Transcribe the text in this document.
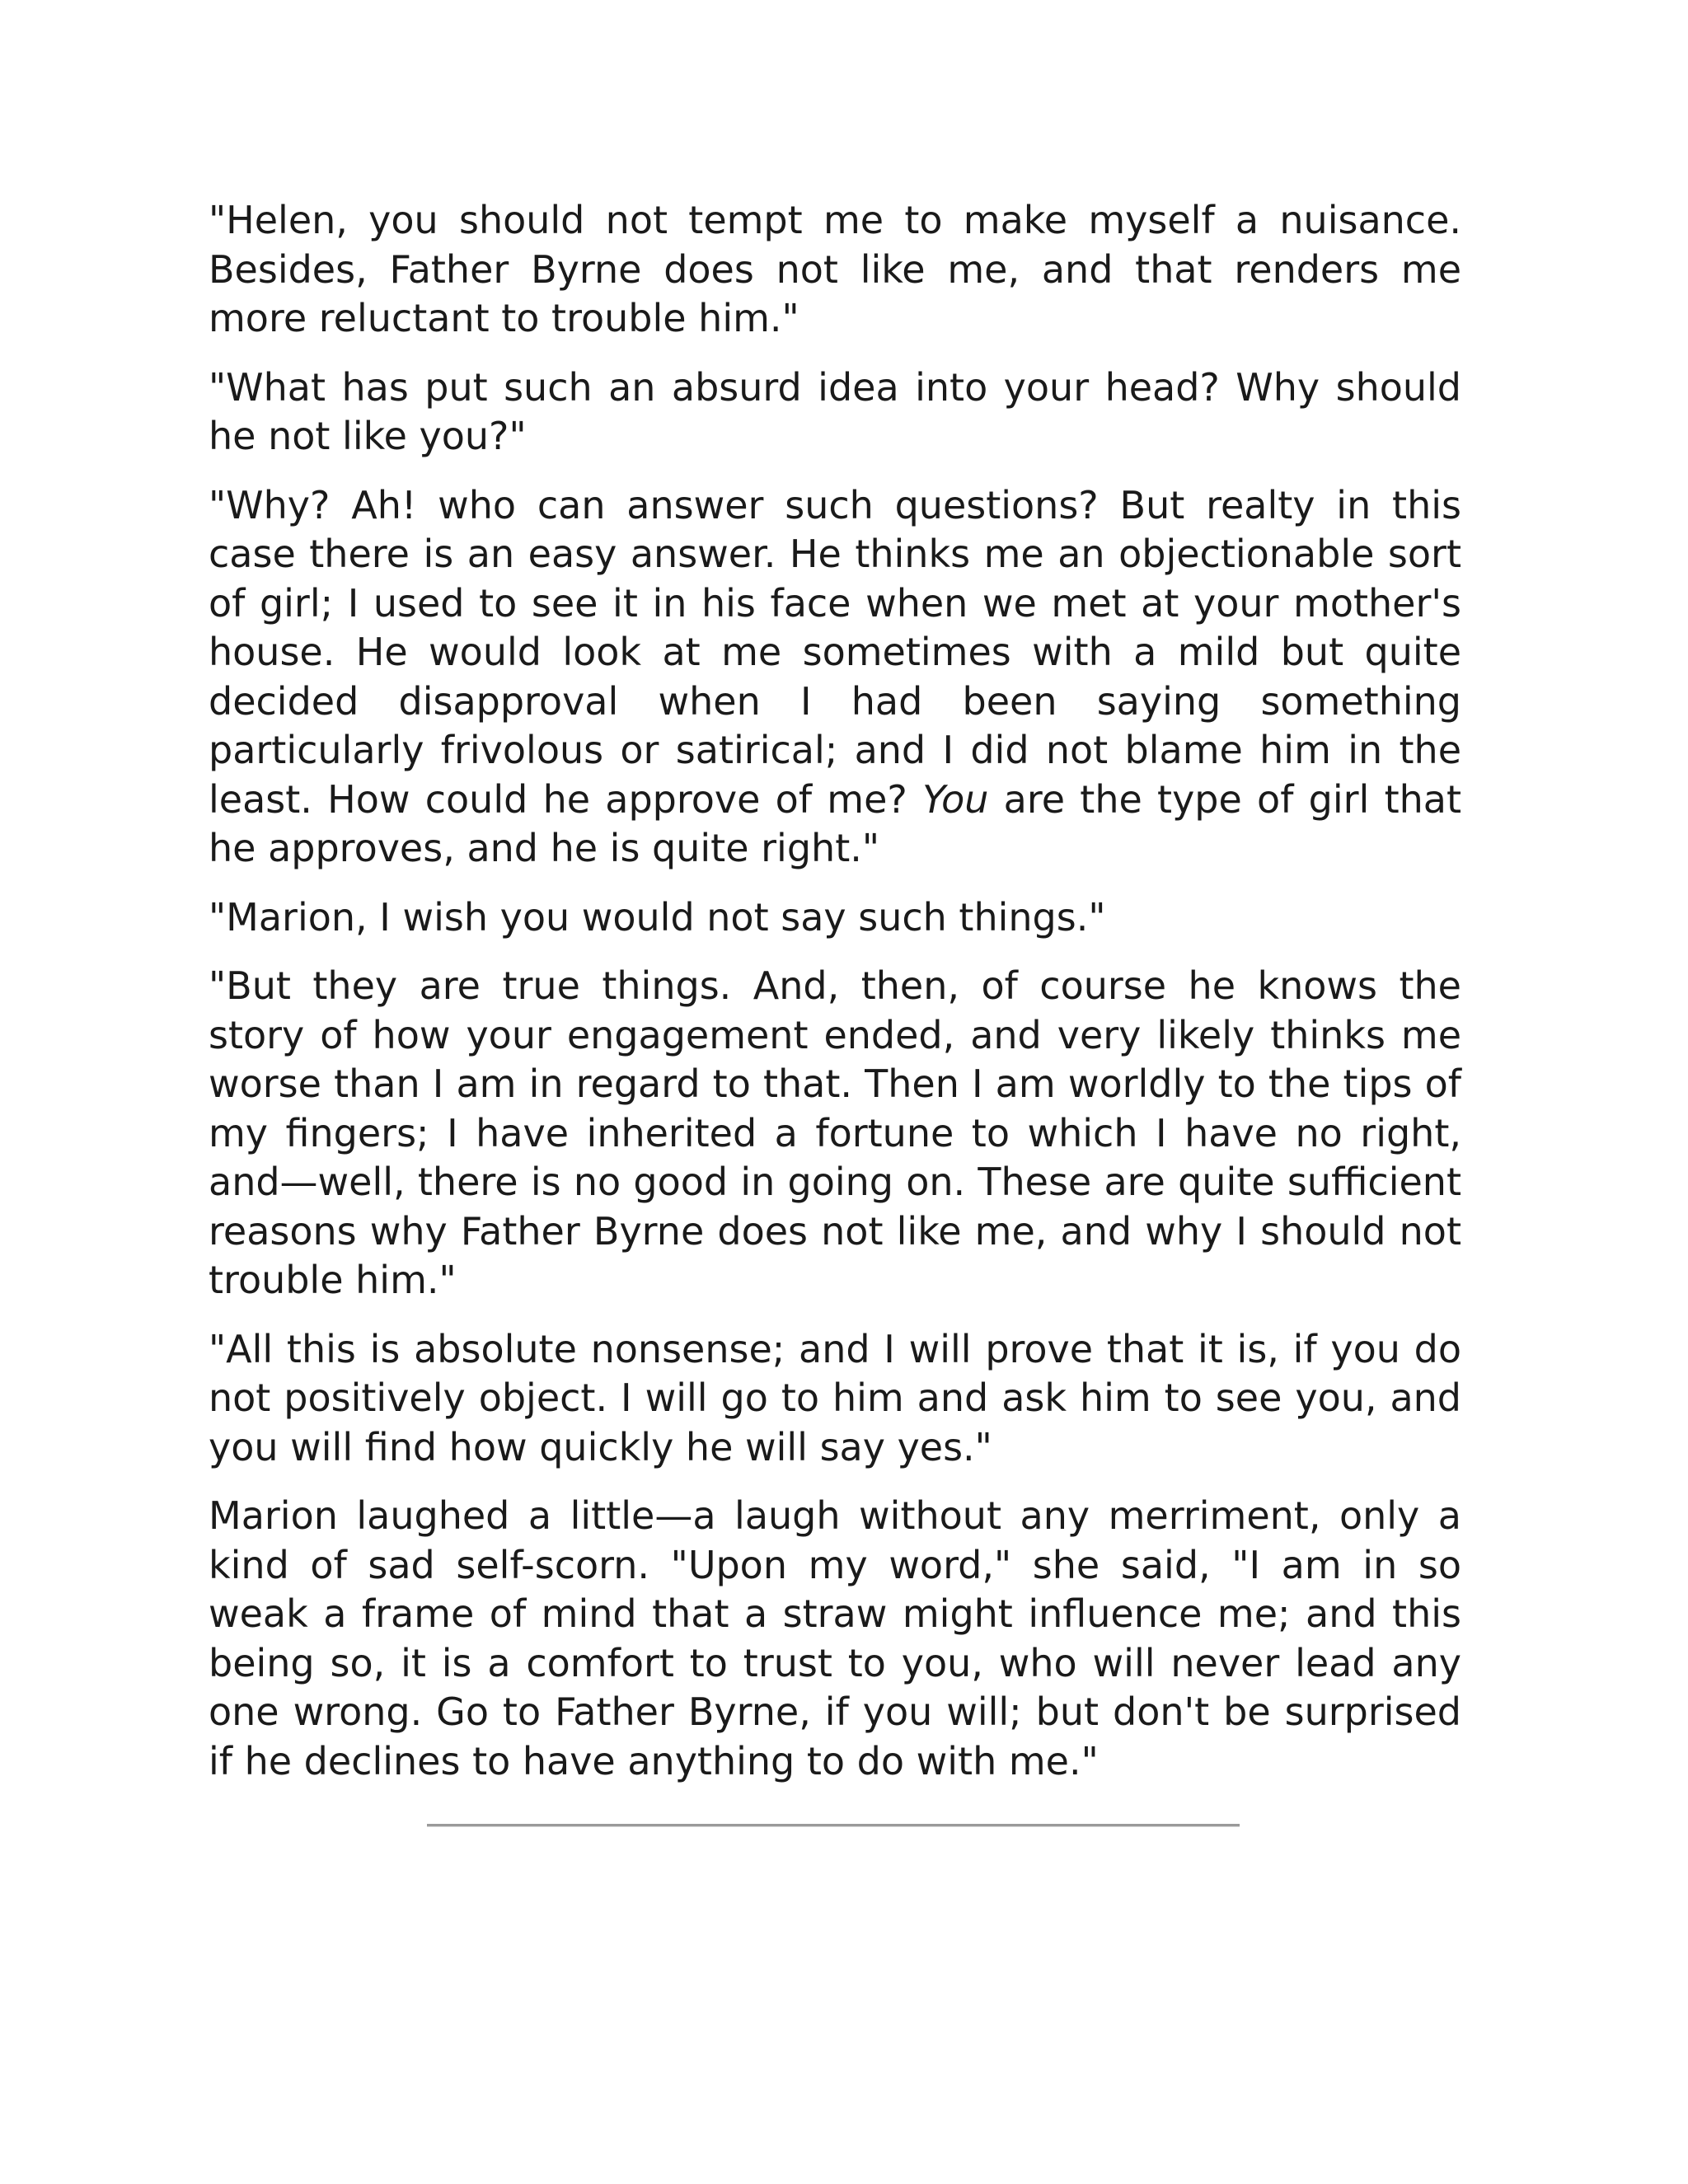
"Helen, you should not tempt me to make myself a nuisance. Besides, Father Byrne does not like me, and that renders me more reluctant to trouble him."

"What has put such an absurd idea into your head? Why should he not like you?"

"Why? Ah! who can answer such questions? But realty in this case there is an easy answer. He thinks me an objectionable sort of girl; I used to see it in his face when we met at your mother's house. He would look at me sometimes with a mild but quite decided disapproval when I had been saying something particularly frivolous or satirical; and I did not blame him in the least. How could he approve of me? You are the type of girl that he approves, and he is quite right."

"Marion, I wish you would not say such things."

"But they are true things. And, then, of course he knows the story of how your engagement ended, and very likely thinks me worse than I am in regard to that. Then I am worldly to the tips of my fingers; I have inherited a fortune to which I have no right, and—well, there is no good in going on. These are quite sufficient reasons why Father Byrne does not like me, and why I should not trouble him."

"All this is absolute nonsense; and I will prove that it is, if you do not positively object. I will go to him and ask him to see you, and you will find how quickly he will say yes."

Marion laughed a little—a laugh without any merriment, only a kind of sad self-scorn. "Upon my word," she said, "I am in so weak a frame of mind that a straw might influence me; and this being so, it is a comfort to trust to you, who will never lead any one wrong. Go to Father Byrne, if you will; but don't be surprised if he declines to have anything to do with me."
